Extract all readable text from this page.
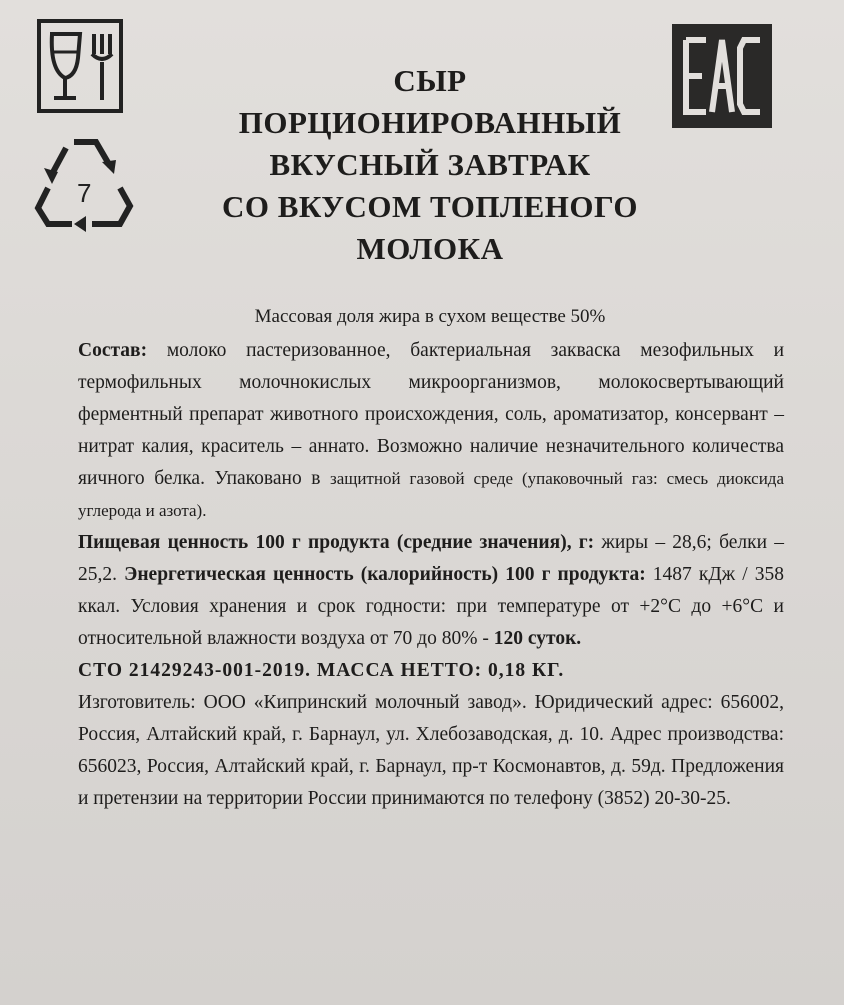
7
СЫР
ПОРЦИОНИРОВАННЫЙ
ВКУСНЫЙ ЗАВТРАК
СО ВКУСОМ ТОПЛЕНОГО
МОЛОКА
Массовая доля жира в сухом веществе 50%

Состав: молоко пастеризованное, бактериальная закваска мезофильных и термофильных молочнокислых микроорганизмов, молокосвертывающий ферментный препарат животного происхождения, соль, ароматизатор, консервант – нитрат калия, краситель – аннато. Возможно наличие незначительного количества яичного белка. Упаковано в защитной газовой среде (упаковочный газ: смесь диоксида углерода и азота).

Пищевая ценность 100 г продукта (средние значения), г: жиры – 28,6; белки – 25,2. Энергетическая ценность (калорийность) 100 г продукта: 1487 кДж / 358 ккал. Условия хранения и срок годности: при температуре от +2°С до +6°С и относительной влажности воздуха от 70 до 80% - 120 суток.

СТО 21429243-001-2019. МАССА НЕТТО: 0,18 КГ.

Изготовитель: ООО «Кипринский молочный завод». Юридический адрес: 656002, Россия, Алтайский край, г. Барнаул, ул. Хлебозаводская, д. 10. Адрес производства: 656023, Россия, Алтайский край, г. Барнаул, пр-т Космонавтов, д. 59д. Предложения и претензии на территории России принимаются по телефону (3852) 20-30-25.
